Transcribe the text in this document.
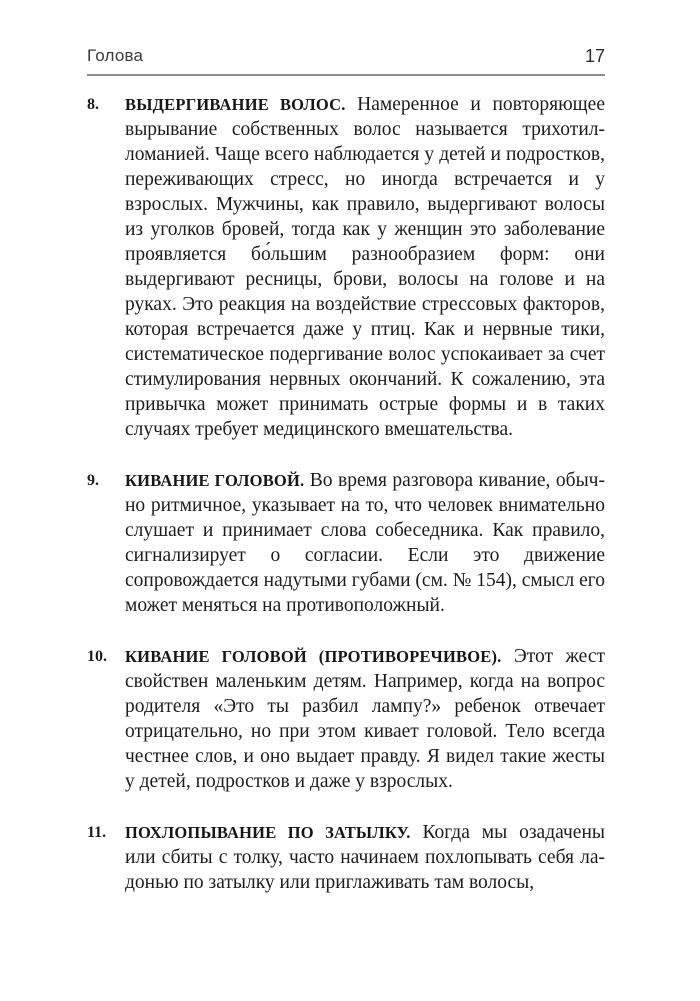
Голова	17
8.	ВЫДЕРГИВАНИЕ ВОЛОС. Намеренное и повторяющее вырывание собственных волос называется трихотилломанией. Чаще всего наблюдается у детей и подростков, переживающих стресс, но иногда встречается и у взрослых. Мужчины, как правило, выдергивают волосы из уголков бровей, тогда как у женщин это заболевание проявляется бо́льшим разнообразием форм: они выдергивают ресницы, брови, волосы на голове и на руках. Это реакция на воздействие стрессовых факторов, которая встречается даже у птиц. Как и нервные тики, систематическое подергивание волос успокаивает за счет стимулирования нервных окончаний. К сожалению, эта привычка может принимать острые формы и в таких случаях требует медицинского вмешательства.
9.	КИВАНИЕ ГОЛОВОЙ. Во время разговора кивание, обычно ритмичное, указывает на то, что человек внимательно слушает и принимает слова собеседника. Как правило, сигнализирует о согласии. Если это движение сопровождается надутыми губами (см. № 154), смысл его может меняться на противоположный.
10.	КИВАНИЕ ГОЛОВОЙ (ПРОТИВОРЕЧИВОЕ). Этот жест свойствен маленьким детям. Например, когда на вопрос родителя «Это ты разбил лампу?» ребенок отвечает отрицательно, но при этом кивает головой. Тело всегда честнее слов, и оно выдает правду. Я видел такие жесты у детей, подростков и даже у взрослых.
11.	ПОХЛОПЫВАНИЕ ПО ЗАТЫЛКУ. Когда мы озадачены или сбиты с толку, часто начинаем похлопывать себя ладонью по затылку или приглаживать там волосы,
